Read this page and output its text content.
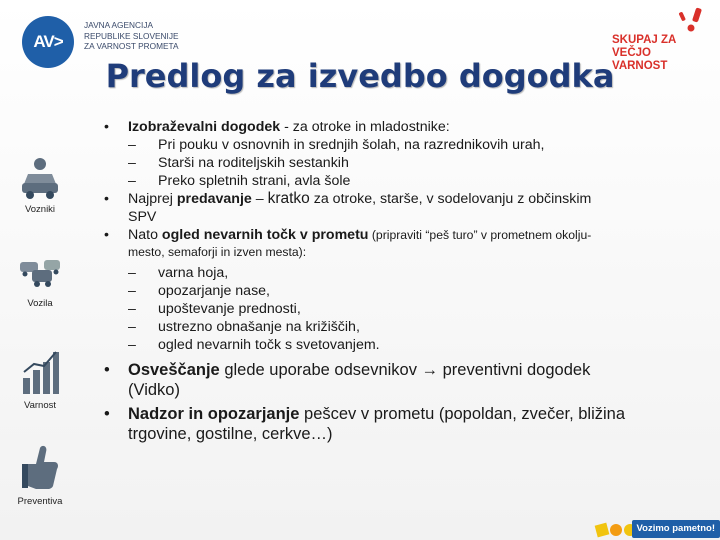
AV>
JAVNA AGENCIJA
REPUBLIKE SLOVENIJE
ZA VARNOST PROMETA	SKUPAJ ZA
VEČJO VARNOST
Predlog za izvedbo dogodka
Vozniki
Vozila
Varnost
Preventiva
• Izobraževalni dogodek - za otroke in mladostnike:
– Pri pouku v osnovnih in srednjih šolah, na razrednikovih urah,
– Starši na roditeljskih sestankih
– Preko spletnih strani, avla šole
• Najprej predavanje – kratko za otroke, starše, v sodelovanju z občinskim
SPV
• Nato ogled nevarnih točk v prometu (pripraviti “peš turo” v prometnem okolju-
mesto, semaforji in izven mesta):
– varna hoja,
– opozarjanje nase,
– upoštevanje prednosti,
– ustrezno obnašanje na križiščih,
– ogled nevarnih točk s svetovanjem.
• Osveščanje glede uporabe odsevnikov → preventivni dogodek
(Vidko)
• Nadzor in opozarjanje pešcev v prometu (popoldan, zvečer, bližina
trgovine, gostilne, cerkve…)
Vozimo pametno!
